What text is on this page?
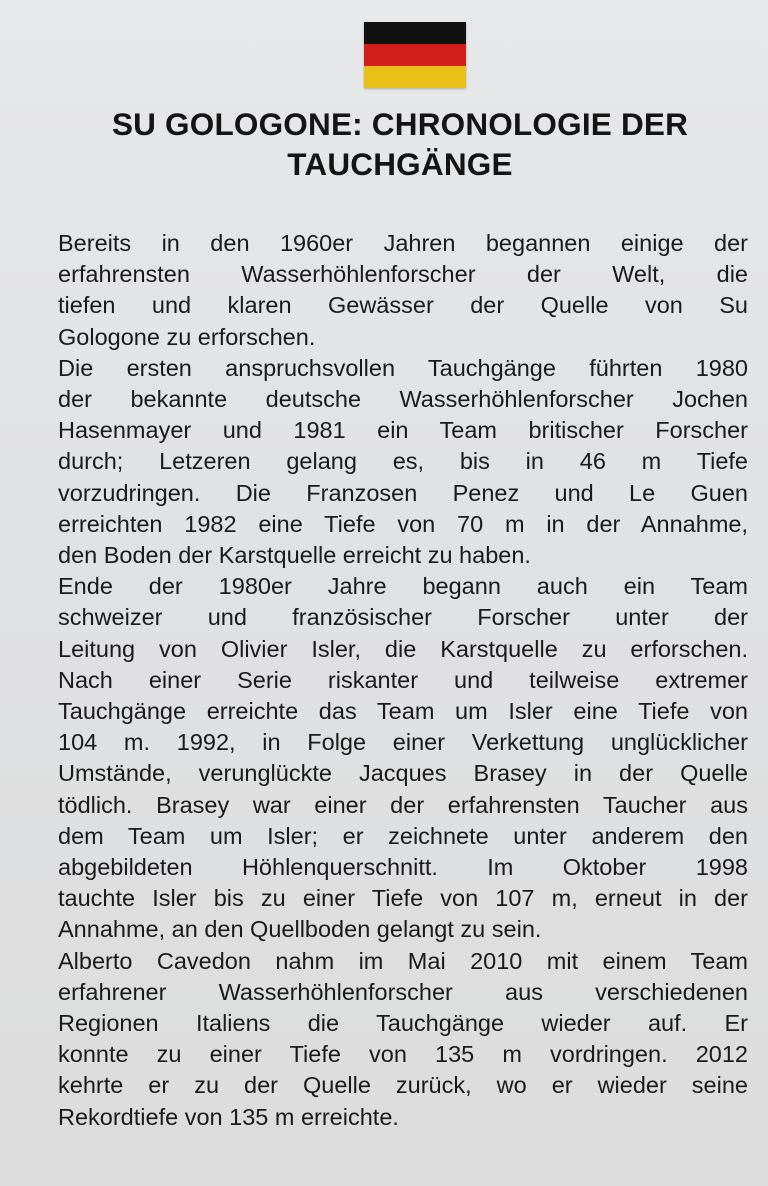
SU GOLOGONE: CHRONOLOGIE DER
TAUCHGÄNGE
Bereits in den 1960er Jahren begannen einige der
erfahrensten Wasserhöhlenforscher der Welt, die
tiefen und klaren Gewässer der Quelle von Su
Gologone zu erforschen.
Die ersten anspruchsvollen Tauchgänge führten 1980
der bekannte deutsche Wasserhöhlenforscher Jochen
Hasenmayer und 1981 ein Team britischer Forscher
durch; Letzeren gelang es, bis in 46 m Tiefe
vorzudringen. Die Franzosen Penez und Le Guen
erreichten 1982 eine Tiefe von 70 m in der Annahme,
den Boden der Karstquelle erreicht zu haben.
Ende der 1980er Jahre begann auch ein Team
schweizer und französischer Forscher unter der
Leitung von Olivier Isler, die Karstquelle zu erforschen.
Nach einer Serie riskanter und teilweise extremer
Tauchgänge erreichte das Team um Isler eine Tiefe von
104 m. 1992, in Folge einer Verkettung unglücklicher
Umstände, verunglückte Jacques Brasey in der Quelle
tödlich. Brasey war einer der erfahrensten Taucher aus
dem Team um Isler; er zeichnete unter anderem den
abgebildeten Höhlenquerschnitt. Im Oktober 1998
tauchte Isler bis zu einer Tiefe von 107 m, erneut in der
Annahme, an den Quellboden gelangt zu sein.
Alberto Cavedon nahm im Mai 2010 mit einem Team
erfahrener Wasserhöhlenforscher aus verschiedenen
Regionen Italiens die Tauchgänge wieder auf. Er
konnte zu einer Tiefe von 135 m vordringen. 2012
kehrte er zu der Quelle zurück, wo er wieder seine
Rekordtiefe von 135 m erreichte.
